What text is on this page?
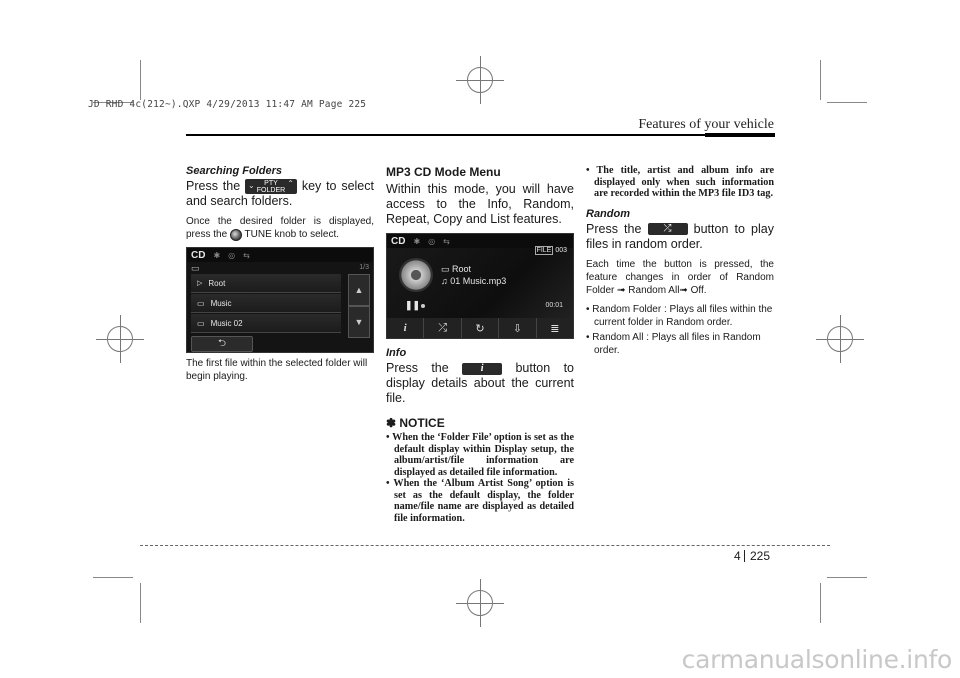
JD RHD 4c(212~).QXP 4/29/2013 11:47 AM Page 225
Features of your vehicle
Searching Folders

Press the ⌄ PTY
FOLDER
⌃ key to select and search folders.

Once the desired folder is displayed, press the TUNE knob to select.

CD ✱ ◎ ⇆
▭	1/3
▷ Root
▭ Music
▭ Music 02
▲
▼
⮌

The first file within the selected folder will begin playing.

MP3 CD Mode Menu

Within this mode, you will have access to the Info, Random, Repeat, Copy and List features.

CD ✱ ◎ ⇆
FILE 003
▭ Root
♫ 01 Music.mp3
❚❚	00:01
i	⤮	↻	⇩	≣
Info

Press the	i	button to display details about the current file.

✽ NOTICE

• When the ‘Folder File’ option is set as the default display within Display setup, the album/artist/file information are displayed as detailed file information.

• When the ‘Album Artist Song’ option is set as the default display, the folder name/file name are displayed as detailed file information.

• The title, artist and album info are displayed only when such information are recorded within the MP3 file ID3 tag.

Random

Press the ⤮ button to play files in random order.

Each time the button is pressed, the feature changes in order of Random Folder ➟ Random All➟ Off.

• Random Folder : Plays all files within the current folder in Random order.

• Random All : Plays all files in Random order.

4 225
carmanualsonline.info
